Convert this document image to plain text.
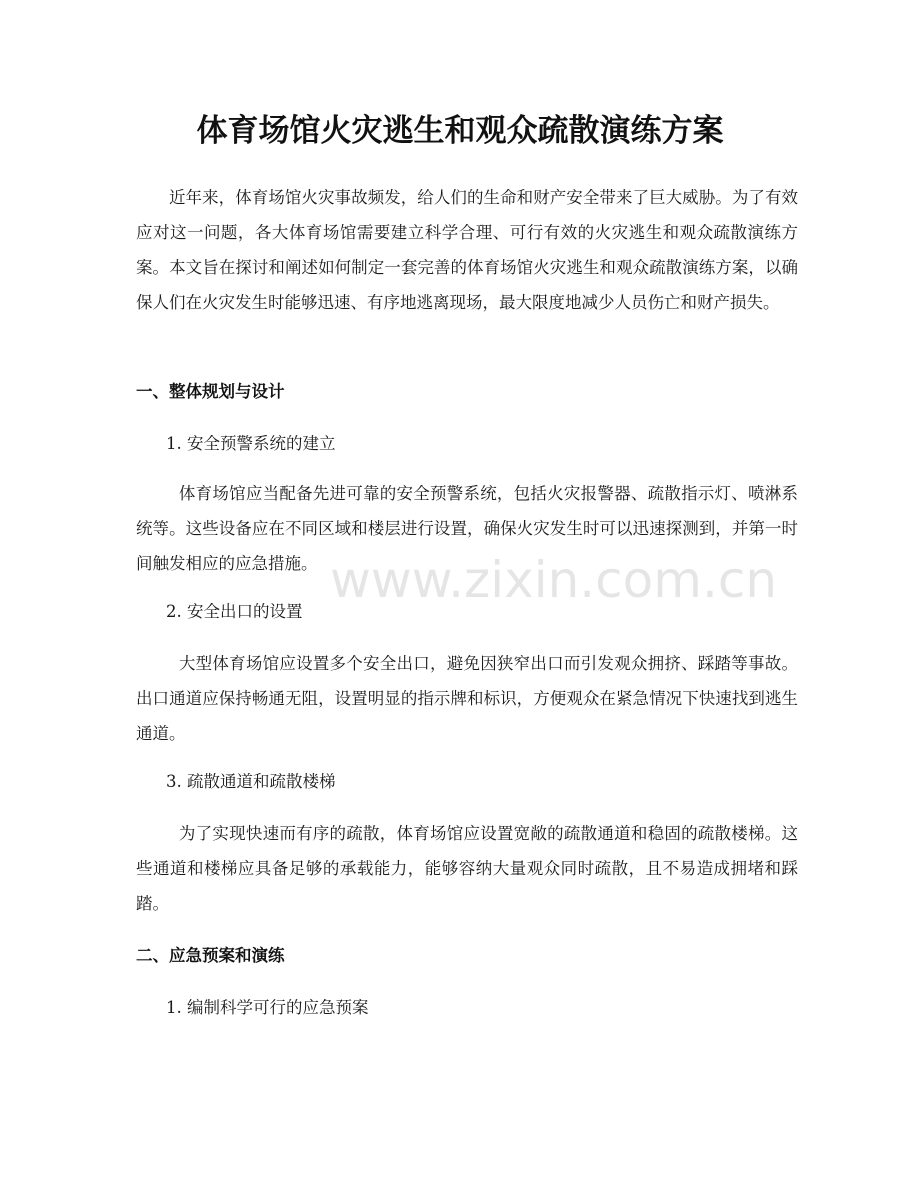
体育场馆火灾逃生和观众疏散演练方案

近年来，体育场馆火灾事故频发，给人们的生命和财产安全带来了巨大威胁。为了有效应对这一问题，各大体育场馆需要建立科学合理、可行有效的火灾逃生和观众疏散演练方案。本文旨在探讨和阐述如何制定一套完善的体育场馆火灾逃生和观众疏散演练方案，以确保人们在火灾发生时能够迅速、有序地逃离现场，最大限度地减少人员伤亡和财产损失。

一、整体规划与设计

1. 安全预警系统的建立

体育场馆应当配备先进可靠的安全预警系统，包括火灾报警器、疏散指示灯、喷淋系统等。这些设备应在不同区域和楼层进行设置，确保火灾发生时可以迅速探测到，并第一时间触发相应的应急措施。

2. 安全出口的设置

大型体育场馆应设置多个安全出口，避免因狭窄出口而引发观众拥挤、踩踏等事故。出口通道应保持畅通无阻，设置明显的指示牌和标识，方便观众在紧急情况下快速找到逃生通道。

3. 疏散通道和疏散楼梯

为了实现快速而有序的疏散，体育场馆应设置宽敞的疏散通道和稳固的疏散楼梯。这些通道和楼梯应具备足够的承载能力，能够容纳大量观众同时疏散，且不易造成拥堵和踩踏。

二、应急预案和演练

1. 编制科学可行的应急预案

www.zixin.com.cn
